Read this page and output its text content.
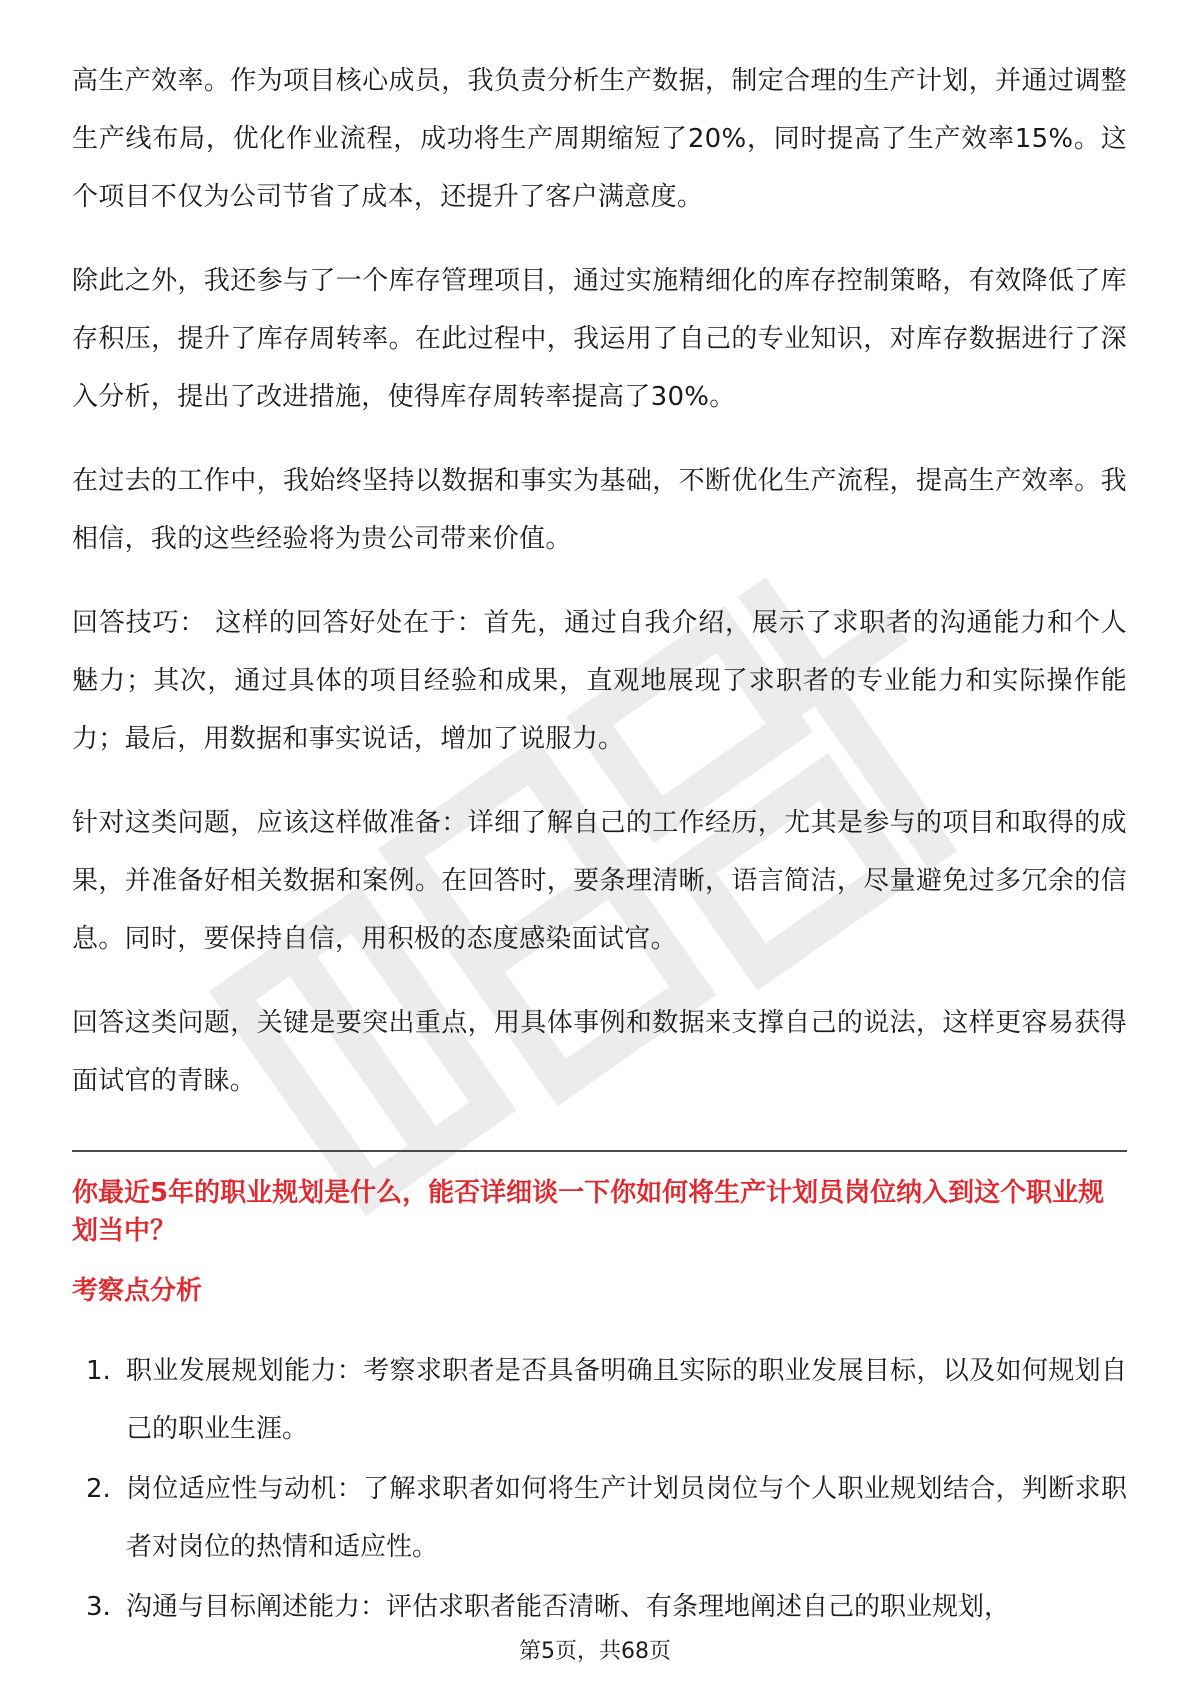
高生产效率。作为项目核心成员，我负责分析生产数据，制定合理的生产计划，并通过调整生产线布局，优化作业流程，成功将生产周期缩短了20%，同时提高了生产效率15%。这个项目不仅为公司节省了成本，还提升了客户满意度。

除此之外，我还参与了一个库存管理项目，通过实施精细化的库存控制策略，有效降低了库存积压，提升了库存周转率。在此过程中，我运用了自己的专业知识，对库存数据进行了深入分析，提出了改进措施，使得库存周转率提高了30%。

在过去的工作中，我始终坚持以数据和事实为基础，不断优化生产流程，提高生产效率。我相信，我的这些经验将为贵公司带来价值。

回答技巧： 这样的回答好处在于：首先，通过自我介绍，展示了求职者的沟通能力和个人魅力；其次，通过具体的项目经验和成果，直观地展现了求职者的专业能力和实际操作能力；最后，用数据和事实说话，增加了说服力。

针对这类问题，应该这样做准备：详细了解自己的工作经历，尤其是参与的项目和取得的成果，并准备好相关数据和案例。在回答时，要条理清晰，语言简洁，尽量避免过多冗余的信息。同时，要保持自信，用积极的态度感染面试官。

回答这类问题，关键是要突出重点，用具体事例和数据来支撑自己的说法，这样更容易获得面试官的青睐。

你最近5年的职业规划是什么，能否详细谈一下你如何将生产计划员岗位纳入到这个职业规划当中？
考察点分析
1. 职业发展规划能力：考察求职者是否具备明确且实际的职业发展目标，以及如何规划自己的职业生涯。
2. 岗位适应性与动机：了解求职者如何将生产计划员岗位与个人职业规划结合，判断求职者对岗位的热情和适应性。
3. 沟通与目标阐述能力：评估求职者能否清晰、有条理地阐述自己的职业规划，
第5页，共68页
